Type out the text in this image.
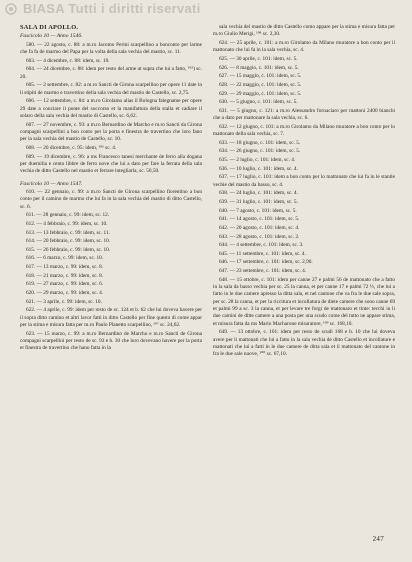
BIASA Tutti i diritti riservati
SALA DI APOLLO.
Fascicolo 10 — Anno 1546.
580. — 22 agosto, c. 88: a m.ro Jacomo Perini scarpellino a bonconto per larme che fa fa de marmo del Papa per la volta della sala vechia del mastio, sc. 11.
603. — 4 dicembre, c. 88: idem, sc. 10.
604. — 24 dicembre, c. 88: idem per resto del arme ut supra che lui a fatto, ¹⁹⁵) sc. 20.
605. — 2 settembre, c. 82: a m.ro Sancti de Girona scarpellino per opere 11 date in li stipiti de marmo e travertino della sala vechia del mastio de Castello, sc. 2,75.
606. — 12 settembre, c. 84: a m.ro Girolamo alias il Bologna falegname per opere 29 date a conciare il ponte del soccorso et la manifattura della stalla et cadiare il solaro della sala vechia del mastio di Castello, sc. 6,62.
607. — 27 novembre, c. 93: a m.ro Bernardino de Marcho e m.ro Sancti da Girona compagni scarpellini a bon conto per la porta e finestra de travertino che loro fano per la sala vechia del mastio de Castello, sc. 10.
608. — 20 dicembre, c. 95: idem, ¹⁹⁶ sc. 4.
609. — 19 dicembre, c. 96: a ms Francesco tanesi merchante de ferro alla dogana per duemilia e cento libbre de ferro nove che lui a dato per fare la ferrata della sala vechia de ditto Castello nel mastio et ferrare integliarla, sc. 50,50.
Fascicolo 10 — Anno 1547.
610. — 22 gennaio, c. 99: a m.ro Sancti de Girona scarpellino fiorentino a bon conto per il camino de marmo che lui fa in la sala vechia del mastio di ditto Castello, sc. 6.
611. — 28 gennaio, c. 99: idem, sc. 12.
612. — 4 febbraio, c. 99: idem, sc. 10.
613. — 13 febbraio, c. 99: idem, sc. 11.
614. — 20 febbraio, c. 99: idem, sc. 10.
615. — 26 febbraio, c. 99: idem, sc. 10.
616. — 6 marzo, c. 99: idem, sc. 10.
617. — 13 marzo, c. 99: idem, sc. 8.
618. — 21 marzo, c. 99: idem, sc. 8.
619. — 27 marzo, c. 99: idem, sc. 6.
620. — 29 marzo, c. 99: idem, sc. 4.
621. — 3 aprile, c. 99: idem, sc. 10.
622. — 4 aprile, c. 99: idem per resto de sc. 124 et b. 62 che lui doveva havere per il sopra ditto camino et altri lavor fatti in ditto Castello per fine questo di come appar per la stima e misura fatta per m.ro Paulo Planetto scarpellino, ¹⁹⁷ sc. 24,62.
623. — 15 marzo, c. 99: a m.ro Bernardino de Marcho e m.ro Sancti de Girona compagni scarpellini per resto de sc. 93 e b. 30 che loro dovevano havere per la porta et finestra de travertino che hano fatta in la
sala vechia del mastio de ditto Castello como appare per la stima e misura fatta per m.ro Giulio Merigi, ¹⁹⁸ sc. 2,30.
624. — 25 aprile, c. 101: a m.ro Girolamo da Milano muratore a bon conto per il mattonato che lui fa in la sala vechia, sc. 4.
625. — 30 aprile, c. 101: idem, sc. 5.
626. — 8 maggio, c. 101: idem, sc. 5.
627. — 15 maggio, c. 101: idem, sc. 5.
628. — 22 maggio, c. 101: idem, sc. 5.
629. — 29 maggio, c. 101: idem, sc. 5.
630. — 5 giugno, c. 101: idem, sc. 5.
631. — 5 giugno, c. 121: a m.ro Alessandro fornaciaro per mattoni 2400 bianchi che a dato per mattonare la sala vechia, sc. 6.
632. — 12 giugno, c. 101: a m.ro Girolamo da Milano muratore a bon conto per lo mattonato della sala vechia, sc. 7.
633. — 18 giugno, c. 101: idem, sc. 5.
634. — 26 giugno, c. 101: idem, sc. 5.
635. — 2 luglio, c. 101: idem, sc. 4.
636. — 10 luglio, c. 101: idem, sc. 4.
637. — 17 luglio, c. 101: idem a bon conto per lo mattonato che lui fa in le stantie vechie del mastio da basso, sc. 4.
638. — 24 luglio, c. 101: idem, sc. 4.
639. — 31 luglio, c. 101: idem, sc. 5.
640. — 7 agosto, c. 101: idem, sc. 5.
641. — 14 agosto, c. 101: idem, sc. 5.
642. — 20 agosto, c. 101: idem, sc. 4.
643. — 28 agosto, c. 101: idem, sc. 2.
644. — 4 settembre, c. 101: idem, sc. 3.
645. — 11 settembre, c. 101: idem, sc. 4.
646. — 17 settembre, c. 101: idem, sc. 2,90.
647. — 23 settembre, c. 101: idem, sc. 4.
648. — 15 ottobre, c. 101: idem per canne 27 e palmi 56 de mattonato che a fatto in la sala da basso vechia per sc. 25 la canna, et per canne 17 e palmi 72 ½, che lui a fatto in le due camere apresso la ditta sala, et nel cantone che va fra le due sale sopra, per sc. 28 la canna, et per la riccitura et incollatura de diete camere che sono canne 69 et palmi 99 a sc. 3 la canna, et per levare tre forgi de mattonaro et tinte: tecchi in li due camini de ditte camere a una posta per una scudo come del tutto ne appare stima, et misura fatta da ms Mario Macharone misuratore, ¹⁹⁹ sc. 168,10.
649. — 13 ottobre, c. 101: idem per resto de scudi 168 e b. 10 che lui doveva avere per li mattonati che lui a fatto in la sala vechia de ditto Castello et incollature e mattonati che lui a fatti in le due camere de ditta sala et il mattonato del cantone in fra le due sale nuove, ²⁰⁰ sc. 67,10.
247
